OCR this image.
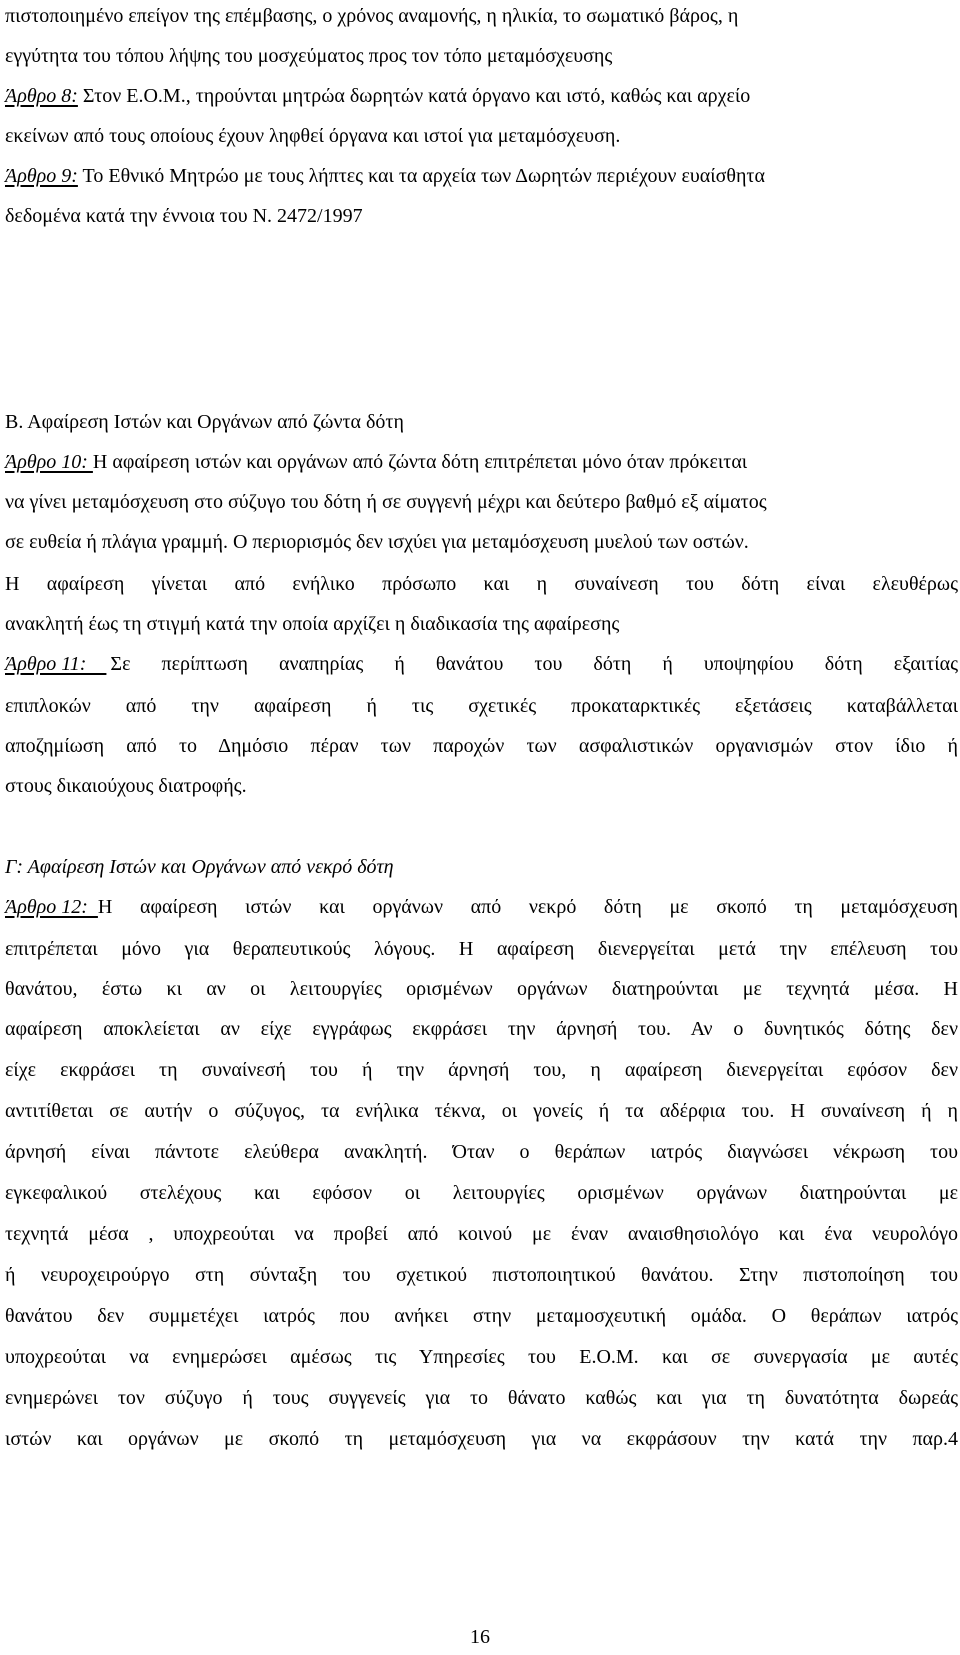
πιστοποιημένο επείγον της επέμβασης, ο χρόνος αναμονής, η ηλικία, το σωματικό βάρος, η
εγγύτητα του τόπου λήψης του μοσχεύματος προς τον τόπο μεταμόσχευσης
Άρθρο 8: Στον Ε.Ο.Μ., τηρούνται μητρώα δωρητών κατά όργανο και ιστό, καθώς και αρχείο
εκείνων από τους οποίους έχουν ληφθεί όργανα και ιστοί για μεταμόσχευση.
Άρθρο 9: Το Εθνικό Μητρώο με τους λήπτες και τα αρχεία των Δωρητών περιέχουν ευαίσθητα
δεδομένα κατά την έννοια του Ν. 2472/1997
Β. Αφαίρεση Ιστών και Οργάνων από ζώντα δότη
Άρθρο 10: Η αφαίρεση ιστών και οργάνων από ζώντα δότη επιτρέπεται μόνο όταν πρόκειται
να γίνει μεταμόσχευση στο σύζυγο του δότη ή σε συγγενή μέχρι και δεύτερο βαθμό εξ αίματος
σε ευθεία ή πλάγια γραμμή. Ο περιορισμός δεν ισχύει για μεταμόσχευση μυελού των οστών.
Η αφαίρεση γίνεται από ενήλικο πρόσωπο και η συναίνεση του δότη είναι ελευθέρως
ανακλητή έως τη στιγμή κατά την οποία αρχίζει η διαδικασία της αφαίρεσης
Άρθρο 11: Σε περίπτωση αναπηρίας ή θανάτου του δότη ή υποψηφίου δότη εξαιτίας
επιπλοκών από την αφαίρεση ή τις σχετικές προκαταρκτικές εξετάσεις καταβάλλεται
αποζημίωση από το Δημόσιο πέραν των παροχών των ασφαλιστικών οργανισμών στον ίδιο ή
στους δικαιούχους διατροφής.
Γ: Αφαίρεση Ιστών και Οργάνων από νεκρό δότη
Άρθρο 12: Η αφαίρεση ιστών και οργάνων από νεκρό δότη με σκοπό τη μεταμόσχευση
επιτρέπεται μόνο για θεραπευτικούς λόγους. Η αφαίρεση διενεργείται μετά την επέλευση του
θανάτου, έστω κι αν οι λειτουργίες ορισμένων οργάνων διατηρούνται με τεχνητά μέσα. Η
αφαίρεση αποκλείεται αν είχε εγγράφως εκφράσει την άρνησή του. Αν ο δυνητικός δότης δεν
είχε εκφράσει τη συναίνεσή του ή την άρνησή του, η αφαίρεση διενεργείται εφόσον δεν
αντιτίθεται σε αυτήν ο σύζυγος, τα ενήλικα τέκνα, οι γονείς ή τα αδέρφια του. Η συναίνεση ή η
άρνησή είναι πάντοτε ελεύθερα ανακλητή. Όταν ο θεράπων ιατρός διαγνώσει νέκρωση του
εγκεφαλικού στελέχους και εφόσον οι λειτουργίες ορισμένων οργάνων διατηρούνται με
τεχνητά μέσα , υποχρεούται να προβεί από κοινού με έναν αναισθησιολόγο και ένα νευρολόγο
ή νευροχειρούργο στη σύνταξη του σχετικού πιστοποιητικού θανάτου. Στην πιστοποίηση του
θανάτου δεν συμμετέχει ιατρός που ανήκει στην μεταμοσχευτική ομάδα. Ο θεράπων ιατρός
υποχρεούται να ενημερώσει αμέσως τις Υπηρεσίες του Ε.Ο.Μ. και σε συνεργασία με αυτές
ενημερώνει τον σύζυγο ή τους συγγενείς για το θάνατο καθώς και για τη δυνατότητα δωρεάς
ιστών και οργάνων με σκοπό τη μεταμόσχευση για να εκφράσουν την κατά την παρ.4
16
